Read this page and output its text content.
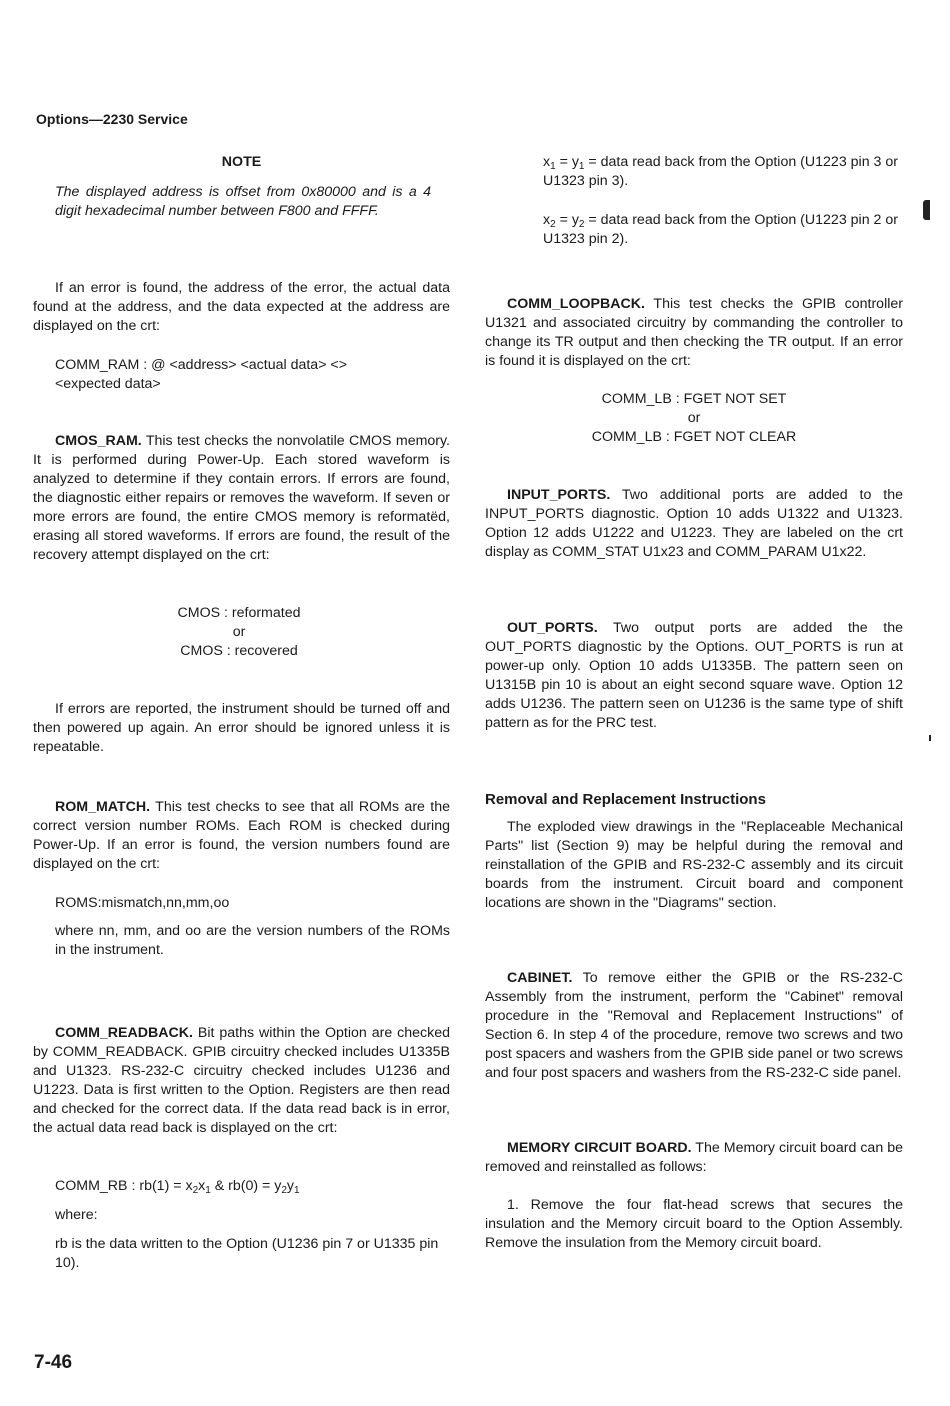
Options—2230 Service

NOTE

The displayed address is offset from 0x80000 and is a 4 digit hexadecimal number between F800 and FFFF.

If an error is found, the address of the error, the actual data found at the address, and the data expected at the address are displayed on the crt:

COMM_RAM : @ <address> <actual data> <>
<expected data>

CMOS_RAM. This test checks the nonvolatile CMOS memory. It is performed during Power-Up. Each stored waveform is analyzed to determine if they contain errors. If errors are found, the diagnostic either repairs or removes the waveform. If seven or more errors are found, the entire CMOS memory is reformatëd, erasing all stored waveforms. If errors are found, the result of the recovery attempt displayed on the crt:

CMOS : reformated
or
CMOS : recovered

If errors are reported, the instrument should be turned off and then powered up again. An error should be ignored unless it is repeatable.

ROM_MATCH. This test checks to see that all ROMs are the correct version number ROMs. Each ROM is checked during Power-Up. If an error is found, the version numbers found are displayed on the crt:

ROMS:mismatch,nn,mm,oo

where nn, mm, and oo are the version numbers of the ROMs in the instrument.

COMM_READBACK. Bit paths within the Option are checked by COMM_READBACK. GPIB circuitry checked includes U1335B and U1323. RS-232-C circuitry checked includes U1236 and U1223. Data is first written to the Option. Registers are then read and checked for the correct data. If the data read back is in error, the actual data read back is displayed on the crt:

COMM_RB : $rb(1) = x_2x_1$ & $rb(0) = y_2y_1$
where:

rb is the data written to the Option (U1236 pin 7 or U1335 pin 10).

$x_1 = y_1$ = data read back from the Option (U1223 pin 3 or U1323 pin 3).

$x_2 = y_2$ = data read back from the Option (U1223 pin 2 or U1323 pin 2).

COMM_LOOPBACK. This test checks the GPIB controller U1321 and associated circuitry by commanding the controller to change its TR output and then checking the TR output. If an error is found it is displayed on the crt:

COMM_LB : FGET NOT SET
or
COMM_LB : FGET NOT CLEAR

INPUT_PORTS. Two additional ports are added to the INPUT_PORTS diagnostic. Option 10 adds U1322 and U1323. Option 12 adds U1222 and U1223. They are labeled on the crt display as COMM_STAT U1x23 and COMM_PARAM U1x22.

OUT_PORTS. Two output ports are added the the OUT_PORTS diagnostic by the Options. OUT_PORTS is run at power-up only. Option 10 adds U1335B. The pattern seen on U1315B pin 10 is about an eight second square wave. Option 12 adds U1236. The pattern seen on U1236 is the same type of shift pattern as for the PRC test.

Removal and Replacement Instructions

The exploded view drawings in the "Replaceable Mechanical Parts" list (Section 9) may be helpful during the removal and reinstallation of the GPIB and RS-232-C assembly and its circuit boards from the instrument. Circuit board and component locations are shown in the "Diagrams" section.

CABINET. To remove either the GPIB or the RS-232-C Assembly from the instrument, perform the "Cabinet" removal procedure in the "Removal and Replacement Instructions" of Section 6. In step 4 of the procedure, remove two screws and two post spacers and washers from the GPIB side panel or two screws and four post spacers and washers from the RS-232-C side panel.

MEMORY CIRCUIT BOARD. The Memory circuit board can be removed and reinstalled as follows:

1. Remove the four flat-head screws that secures the insulation and the Memory circuit board to the Option Assembly. Remove the insulation from the Memory circuit board.

7-46
